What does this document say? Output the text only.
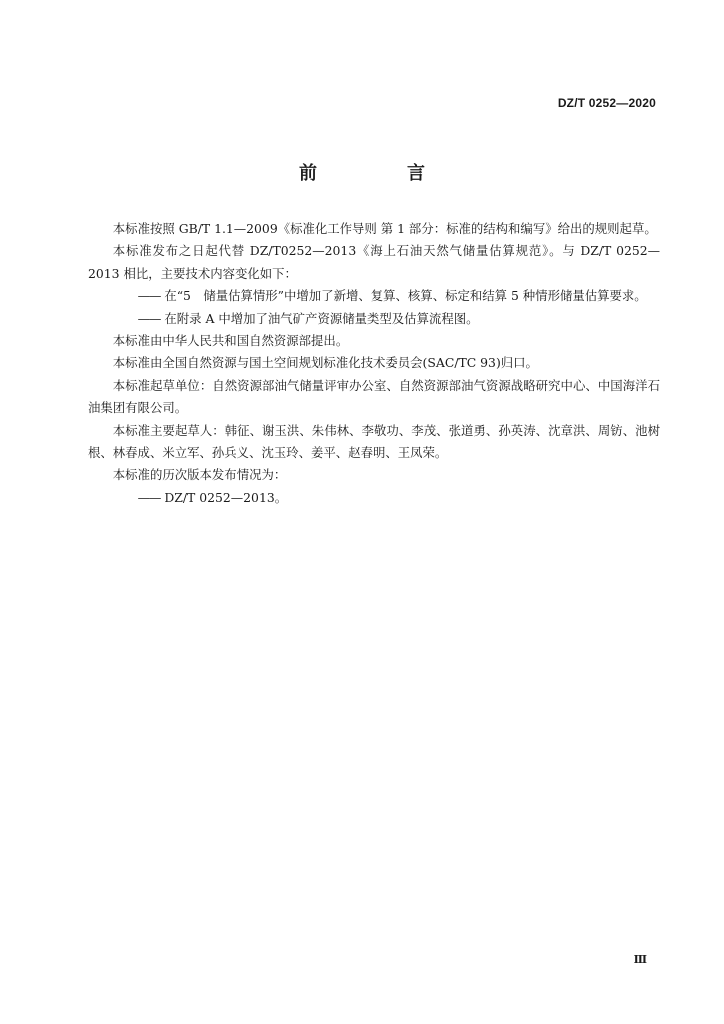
DZ/T 0252—2020
前　言

本标准按照 GB/T 1.1—2009《标准化工作导则 第 1 部分：标准的结构和编写》给出的规则起草。

本标准发布之日起代替 DZ/T0252—2013《海上石油天然气储量估算规范》。与 DZ/T 0252—2013 相比，主要技术内容变化如下：

—— 在“5　储量估算情形”中增加了新增、复算、核算、标定和结算 5 种情形储量估算要求。

—— 在附录 A 中增加了油气矿产资源储量类型及估算流程图。

本标准由中华人民共和国自然资源部提出。

本标准由全国自然资源与国土空间规划标准化技术委员会(SAC/TC 93)归口。

本标准起草单位：自然资源部油气储量评审办公室、自然资源部油气资源战略研究中心、中国海洋石油集团有限公司。

本标准主要起草人：韩征、谢玉洪、朱伟林、李敬功、李茂、张道勇、孙英涛、沈章洪、周钫、池树根、林春成、米立军、孙兵义、沈玉玲、姜平、赵春明、王凤荣。

本标准的历次版本发布情况为：

—— DZ/T 0252—2013。

Ⅲ
